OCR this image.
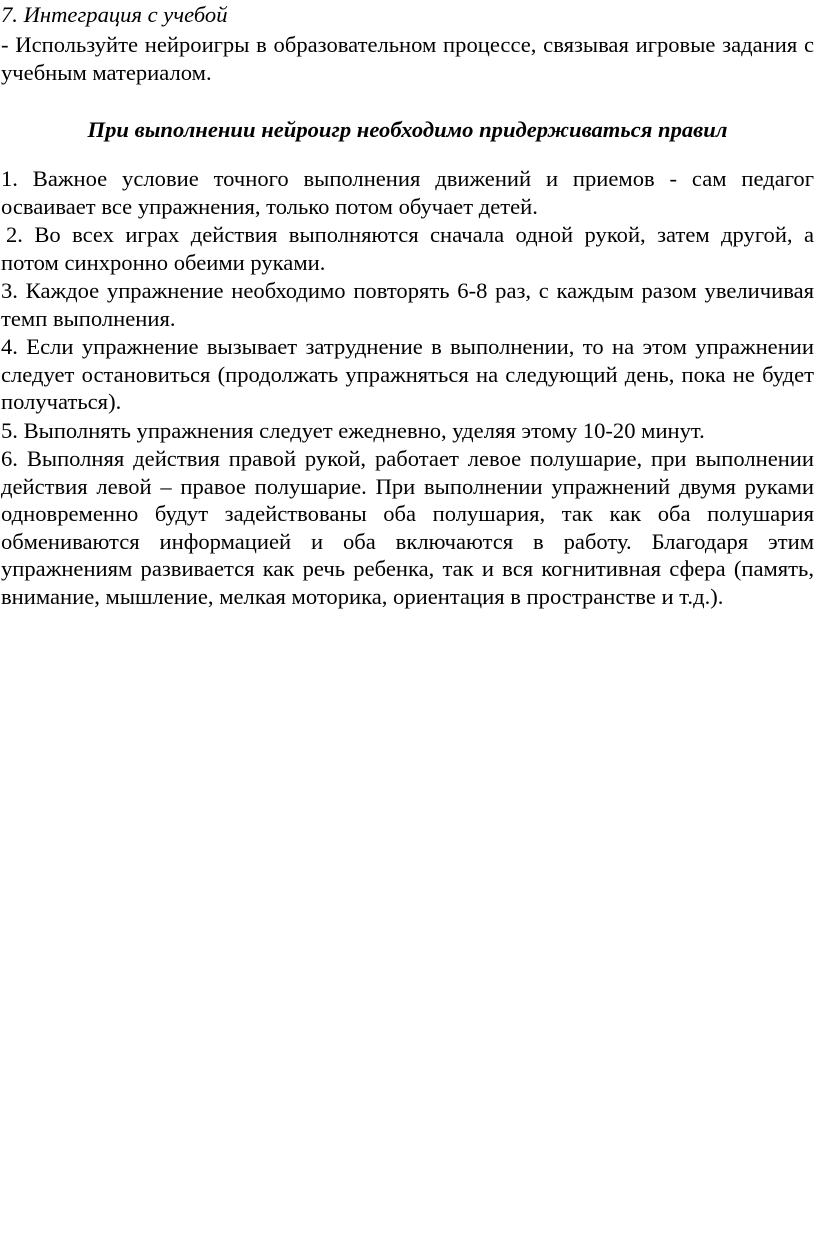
7. Интеграция с учебой
- Используйте нейроигры в образовательном процессе, связывая игровые задания с учебным материалом.
При выполнении нейроигр необходимо придерживаться правил
1. Важное условие точного выполнения движений и приемов - сам педагог осваивает все упражнения, только потом обучает детей.
2. Во всех играх действия выполняются сначала одной рукой, затем другой, а потом синхронно обеими руками.
3. Каждое упражнение необходимо повторять 6-8 раз, с каждым разом увеличивая темп выполнения.
4. Если упражнение вызывает затруднение в выполнении, то на этом упражнении следует остановиться (продолжать упражняться на следующий день, пока не будет получаться).
5. Выполнять упражнения следует ежедневно, уделяя этому 10-20 минут.
6. Выполняя действия правой рукой, работает левое полушарие, при выполнении действия левой – правое полушарие. При выполнении упражнений двумя руками одновременно будут задействованы оба полушария, так как оба полушария обмениваются информацией и оба включаются в работу. Благодаря этим упражнениям развивается как речь ребенка, так и вся когнитивная сфера (память, внимание, мышление, мелкая моторика, ориентация в пространстве и т.д.).
